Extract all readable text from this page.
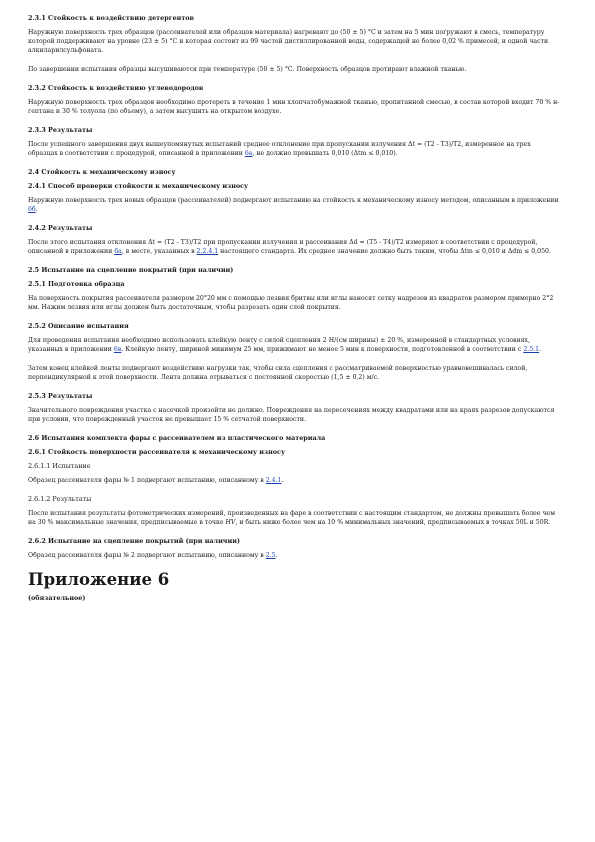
2.3.1 Стойкость к воздействию детергентов
Наружную поверхность трех образцов (рассеивателей или образцов материала) нагревают до (50 ± 5) °С и затем на 5 мин погружают в смесь, температуру которой поддерживают на уровне (23 ± 5) °С и которая состоит из 99 частей дистиллированной воды, содержащей не более 0,02 % примесей, и одной части алкиларилсульфоната.
По завершении испытания образцы высушиваются при температуре (50 ± 5) °С. Поверхность образцов протирают влажной тканью.
2.3.2 Стойкость к воздействию углеводородов
Наружную поверхность трех образцов необходимо протереть в течение 1 мин хлопчатобумажной тканью, пропитанной смесью, в состав которой входит 70 % н-гептана и 30 % толуола (по объему), а затем высушить на открытом воздухе.
2.3.3 Результаты
После успешного завершения двух вышеупомянутых испытаний среднее отклонение при пропускании излучения Δt = (T2 - T3)/T2, измеренное на трех образцах в соответствии с процедурой, описанной в приложении 6а, не должно превышать 0,010 (Δtm ≤ 0,010).
2.4 Стойкость к механическому износу
2.4.1 Способ проверки стойкости к механическому износу
Наружную поверхность трех новых образцов (рассеивателей) подвергают испытанию на стойкость к механическому износу методом, описанным в приложении 6б.
2.4.2 Результаты
После этого испытания отклонения Δt = (T2 - T3)/T2 при пропускании излучения и рассеивания Δd = (T5 - T4)/T2 измеряют в соответствии с процедурой, описанной в приложении 6а, в месте, указанных в 2.2.4.1 настоящего стандарта. Их среднее значение должно быть таким, чтобы Δtm ≤ 0,010 и Δdm ≤ 0,050.
2.5 Испытание на сцепление покрытий (при наличии)
2.5.1 Подготовка образца
На поверхность покрытия рассеивателя размером 20°20 мм с помощью лезвия бритвы или иглы наносят сетку надрезов из квадратов размером примерно 2°2 мм. Нажим лезвия или иглы должен быть достаточным, чтобы разрезать один слой покрытия.
2.5.2 Описание испытания
Для проведения испытания необходимо использовать клейкую ленту с силой сцепления 2 Н/(см ширины) ± 20 %, измеренной в стандартных условиях, указанных в приложении 6в. Клейкую ленту, шириной минимум 25 мм, прижимают не менее 5 мин к поверхности, подготовленной в соответствии с 2.5.1.
Затем конец клейкой ленты подвергают воздействию нагрузки так, чтобы сила сцепления с рассматриваемой поверхностью уравновешивалась силой, перпендикулярной к этой поверхности. Лента должна отрываться с постоянной скоростью (1,5 ± 0,2) м/с.
2.5.3 Результаты
Значительного повреждения участка с насечкой произойти не должно. Повреждения на пересечениях между квадратами или на краях разрезов допускаются при условии, что поврежденный участок не превышает 15 % сетчатой поверхности.
2.6 Испытания комплекта фары с рассеивателем из пластического материала
2.6.1 Стойкость поверхности рассеивателя к механическому износу
2.6.1.1 Испытание
Образец рассеивателя фары № 1 подвергают испытанию, описанному в 2.4.1.
2.6.1.2 Результаты
После испытания результаты фотометрических измерений, произведенных на фаре в соответствии с настоящим стандартом, не должны превышать более чем на 30 % максимальные значения, предписываемые в точке HV, и быть ниже более чем на 10 % минимальных значений, предписываемых в точках 50L и 50R.
2.6.2 Испытание на сцепление покрытий (при наличии)
Образец рассеивателя фары № 2 подвергают испытанию, описанному в 2.5.
Приложение 6
(обязательное)
